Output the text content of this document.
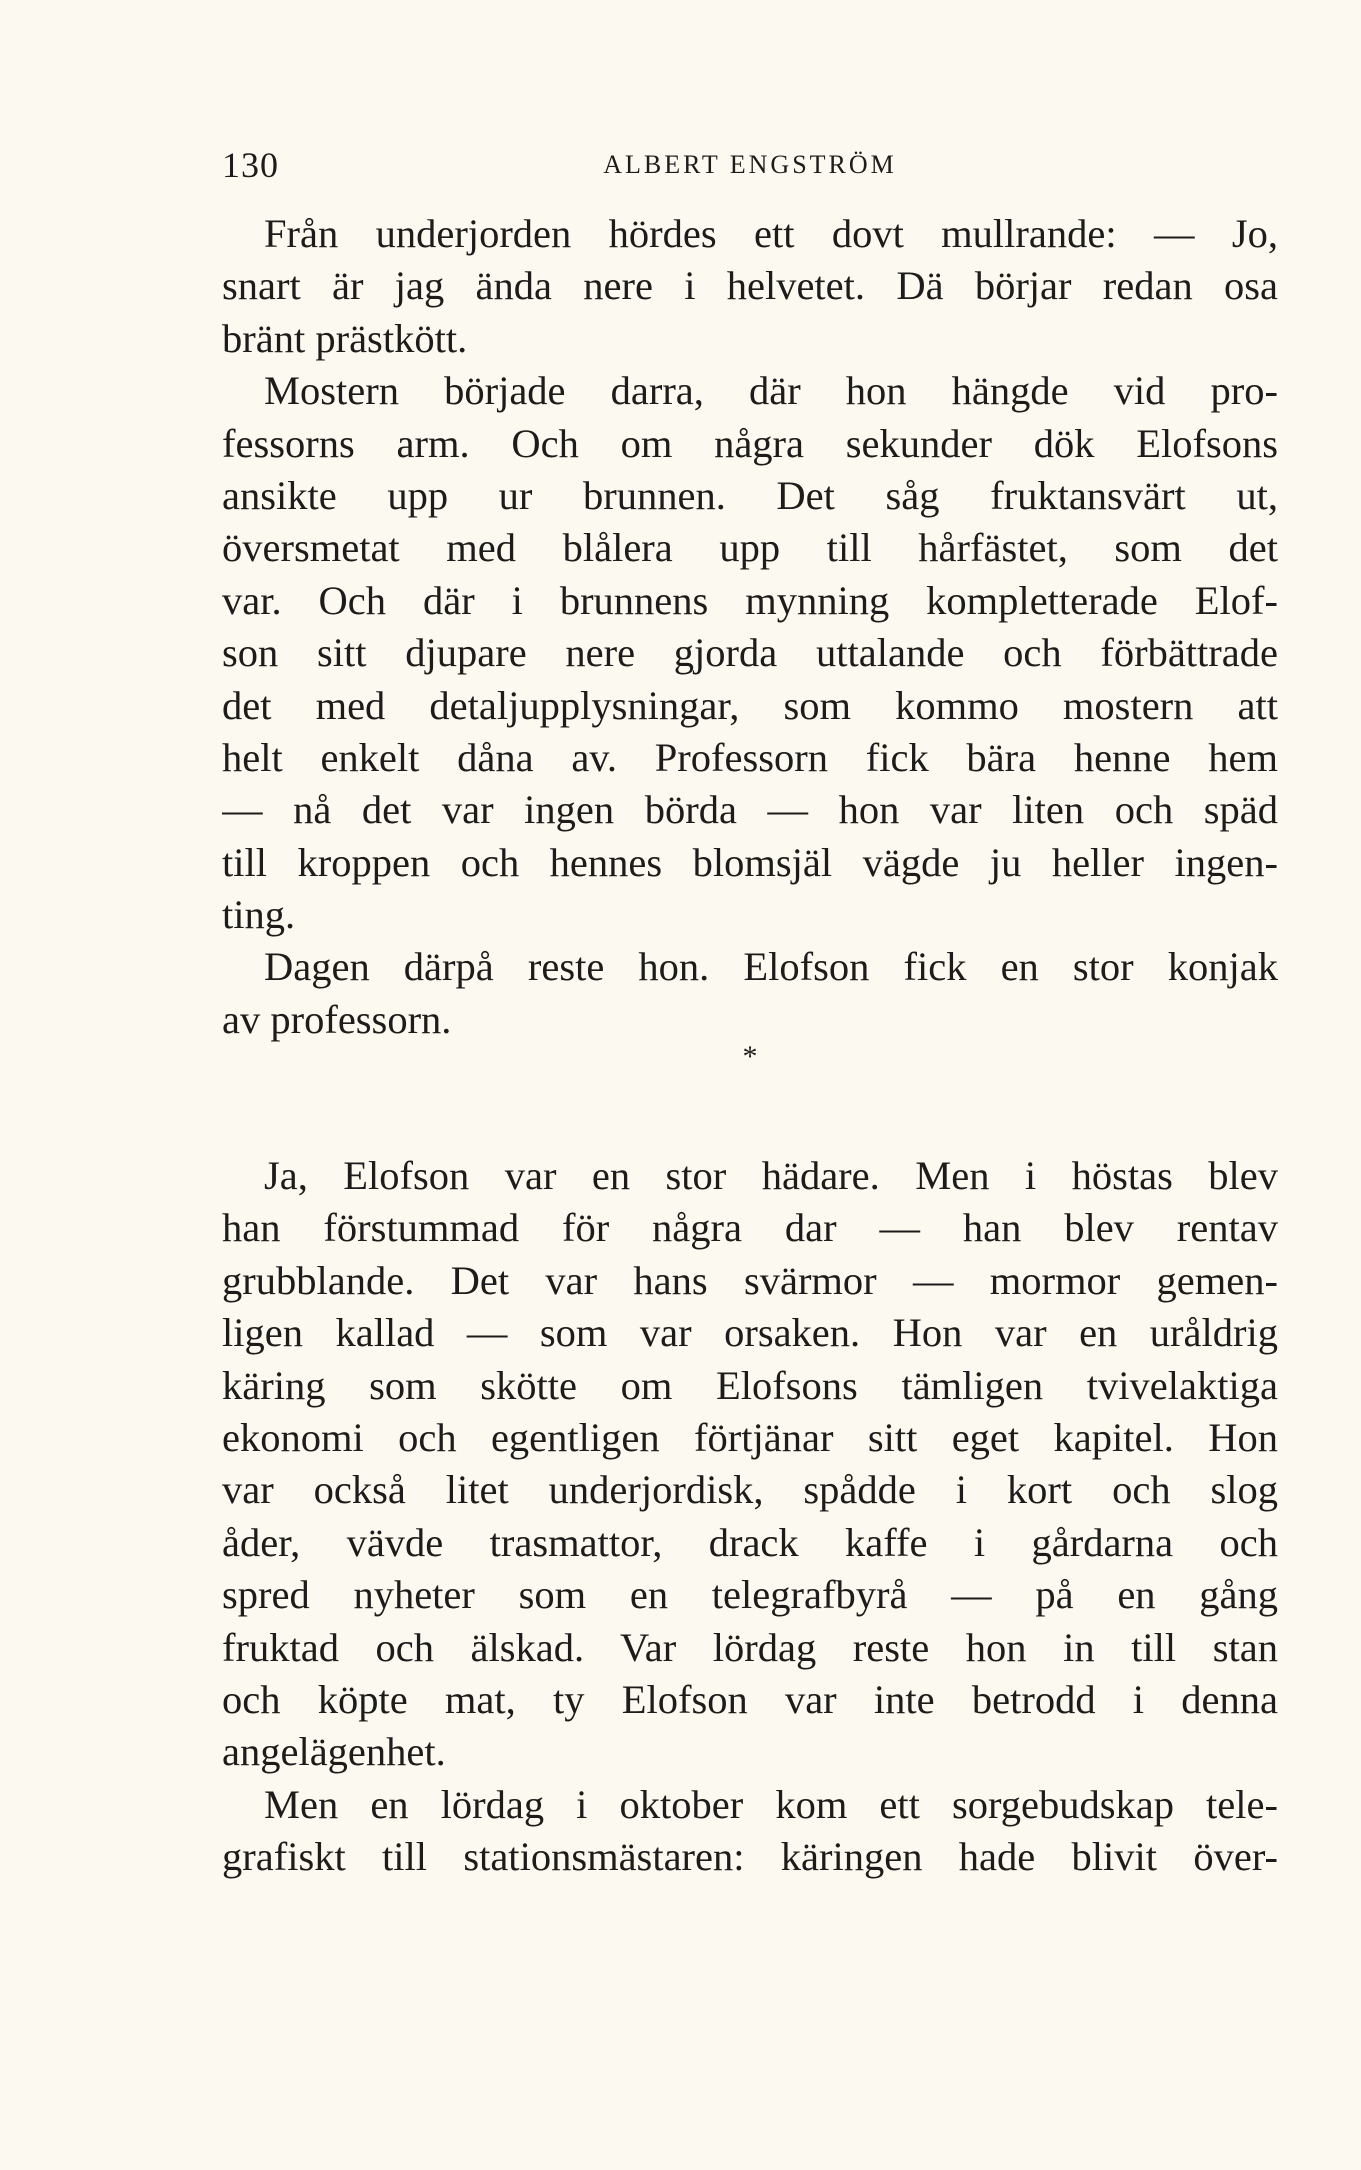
130	ALBERT ENGSTRÖM
Från underjorden hördes ett dovt mullrande: — Jo,
snart är jag ända nere i helvetet. Dä börjar redan osa
bränt prästkött.
Mostern började darra, där hon hängde vid pro-
fessorns arm. Och om några sekunder dök Elofsons
ansikte upp ur brunnen. Det såg fruktansvärt ut,
översmetat med blålera upp till hårfästet, som det
var. Och där i brunnens mynning kompletterade Elof-
son sitt djupare nere gjorda uttalande och förbättrade
det med detaljupplysningar, som kommo mostern att
helt enkelt dåna av. Professorn fick bära henne hem
— nå det var ingen börda — hon var liten och späd
till kroppen och hennes blomsjäl vägde ju heller ingen-
ting.
Dagen därpå reste hon. Elofson fick en stor konjak
av professorn.
*
Ja, Elofson var en stor hädare. Men i höstas blev
han förstummad för några dar — han blev rentav
grubblande. Det var hans svärmor — mormor gemen-
ligen kallad — som var orsaken. Hon var en uråldrig
käring som skötte om Elofsons tämligen tvivelaktiga
ekonomi och egentligen förtjänar sitt eget kapitel. Hon
var också litet underjordisk, spådde i kort och slog
åder, vävde trasmattor, drack kaffe i gårdarna och
spred nyheter som en telegrafbyrå — på en gång
fruktad och älskad. Var lördag reste hon in till stan
och köpte mat, ty Elofson var inte betrodd i denna
angelägenhet.
Men en lördag i oktober kom ett sorgebudskap tele-
grafiskt till stationsmästaren: käringen hade blivit över-
